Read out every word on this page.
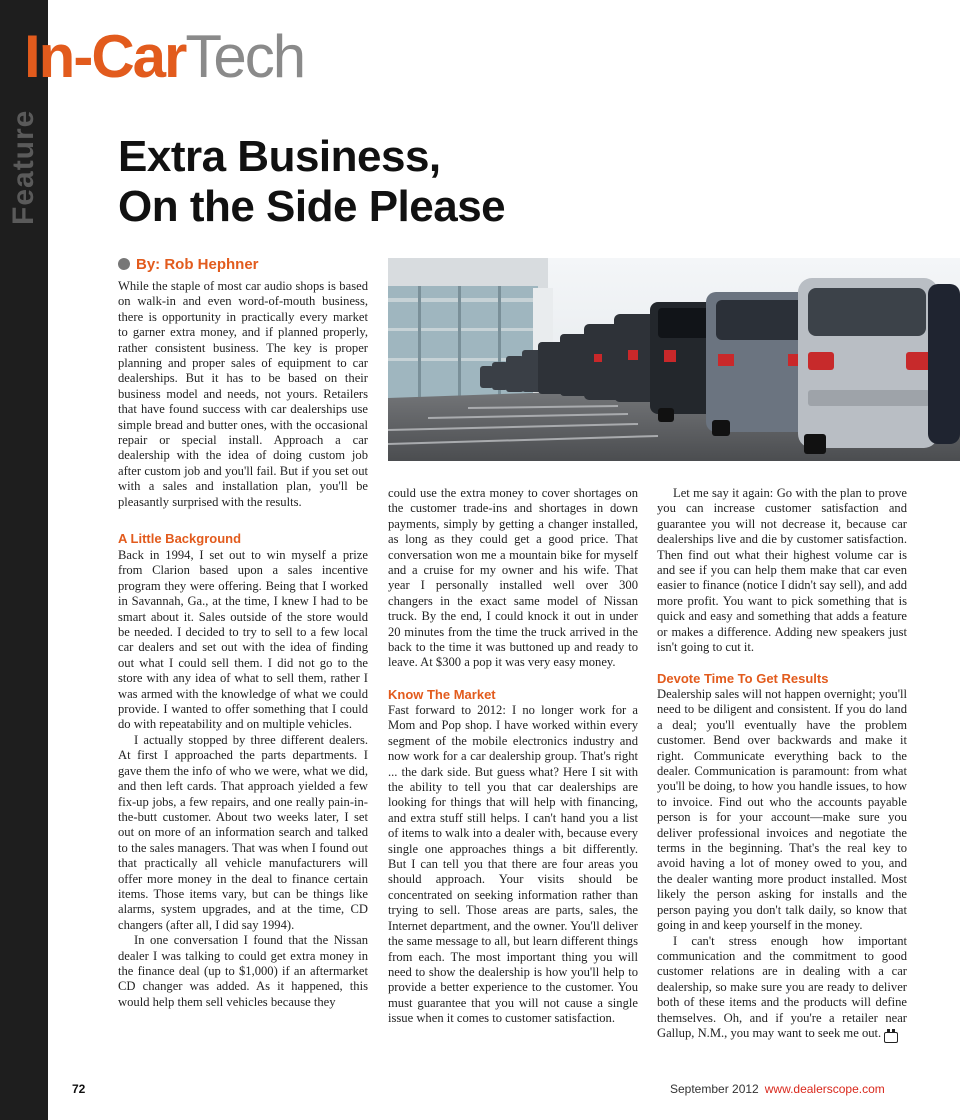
Feature
In-CarTech
Extra Business,
On the Side Please
By: Rob Hephner

While the staple of most car audio shops is based on walk-in and even word-of-mouth business, there is opportunity in practically every market to garner extra money, and if planned properly, rather consistent business. The key is proper planning and proper sales of equipment to car dealerships. But it has to be based on their business model and needs, not yours. Retailers that have found success with car dealerships use simple bread and butter ones, with the occasional repair or special install. Approach a car dealership with the idea of doing custom job after custom job and you'll fail. But if you set out with a sales and installation plan, you'll be pleasantly surprised with the results.

A Little Background

Back in 1994, I set out to win myself a prize from Clarion based upon a sales incentive program they were offering. Being that I worked in Savannah, Ga., at the time, I knew I had to be smart about it. Sales outside of the store would be needed. I decided to try to sell to a few local car dealers and set out with the idea of finding out what I could sell them. I did not go to the store with any idea of what to sell them, rather I was armed with the knowledge of what we could provide. I wanted to offer something that I could do with repeatability and on multiple vehicles.

I actually stopped by three different dealers. At first I approached the parts departments. I gave them the info of who we were, what we did, and then left cards. That approach yielded a few fix-up jobs, a few repairs, and one really pain-in-the-butt customer. About two weeks later, I set out on more of an information search and talked to the sales managers. That was when I found out that practically all vehicle manufacturers will offer more money in the deal to finance certain items. Those items vary, but can be things like alarms, system upgrades, and at the time, CD changers (after all, I did say 1994).

In one conversation I found that the Nissan dealer I was talking to could get extra money in the finance deal (up to $1,000) if an aftermarket CD changer was added. As it happened, this would help them sell vehicles because they

could use the extra money to cover shortages on the customer trade-ins and shortages in down payments, simply by getting a changer installed, as long as they could get a good price. That conversation won me a mountain bike for myself and a cruise for my owner and his wife. That year I personally installed well over 300 changers in the exact same model of Nissan truck. By the end, I could knock it out in under 20 minutes from the time the truck arrived in the back to the time it was buttoned up and ready to leave. At $300 a pop it was very easy money.

Know The Market

Fast forward to 2012: I no longer work for a Mom and Pop shop. I have worked within every segment of the mobile electronics industry and now work for a car dealership group. That's right ... the dark side. But guess what? Here I sit with the ability to tell you that car dealerships are looking for things that will help with financing, and extra stuff still helps. I can't hand you a list of items to walk into a dealer with, because every single one approaches things a bit differently. But I can tell you that there are four areas you should approach. Your visits should be concentrated on seeking information rather than trying to sell. Those areas are parts, sales, the Internet department, and the owner. You'll deliver the same message to all, but learn different things from each. The most important thing you will need to show the dealership is how you'll help to provide a better experience to the customer. You must guarantee that you will not cause a single issue when it comes to customer satisfaction.

Let me say it again: Go with the plan to prove you can increase customer satisfaction and guarantee you will not decrease it, because car dealerships live and die by customer satisfaction. Then find out what their highest volume car is and see if you can help them make that car even easier to finance (notice I didn't say sell), and add more profit. You want to pick something that is quick and easy and something that adds a feature or makes a difference. Adding new speakers just isn't going to cut it.

Devote Time To Get Results

Dealership sales will not happen overnight; you'll need to be diligent and consistent. If you do land a deal; you'll eventually have the problem customer. Bend over backwards and make it right. Communicate everything back to the dealer. Communication is paramount: from what you'll be doing, to how you handle issues, to how to invoice. Find out who the accounts payable person is for your account—make sure you deliver professional invoices and negotiate the terms in the beginning. That's the real key to avoid having a lot of money owed to you, and the dealer wanting more product installed. Most likely the person asking for installs and the person paying you don't talk daily, so know that going in and keep yourself in the money.

I can't stress enough how important communication and the commitment to good customer relations are in dealing with a car dealership, so make sure you are ready to deliver both of these items and the products will define themselves. Oh, and if you're a retailer near Gallup, N.M., you may want to seek me out.

72	September 2012 www.dealerscope.com
